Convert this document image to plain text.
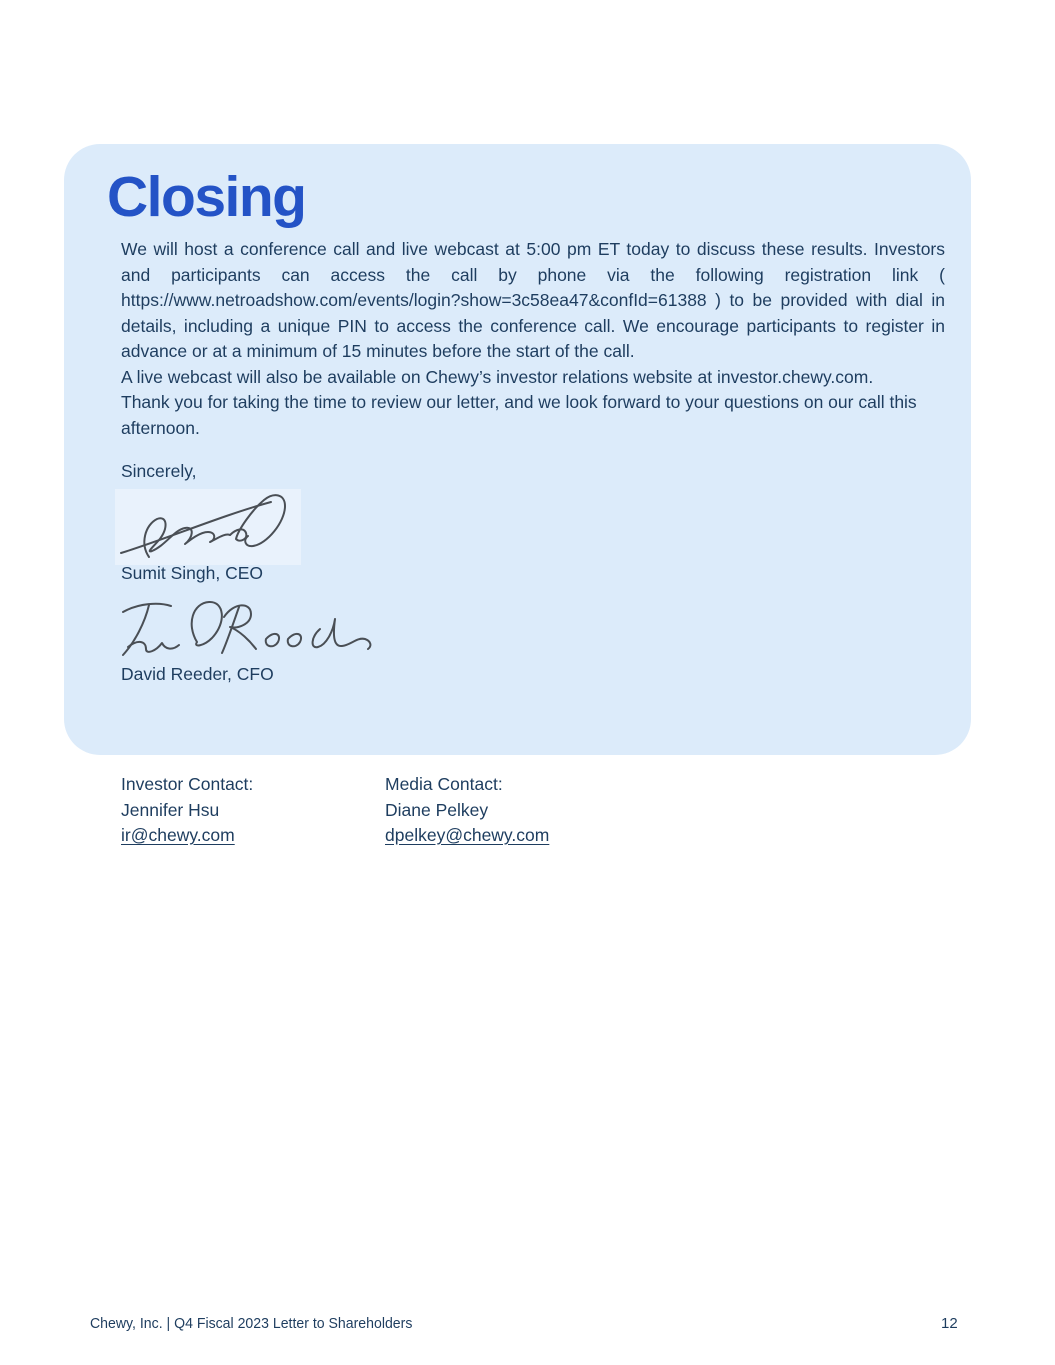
Closing

We will host a conference call and live webcast at 5:00 pm ET today to discuss these results. Investors and participants can access the call by phone via the following registration link ( https://www.netroadshow.com/events/login?show=3c58ea47&confId=61388 ) to be provided with dial in details, including a unique PIN to access the conference call. We encourage participants to register in advance or at a minimum of 15 minutes before the start of the call.

A live webcast will also be available on Chewy’s investor relations website at investor.chewy.com.

Thank you for taking the time to review our letter, and we look forward to your questions on our call this afternoon.

Sincerely,

Sumit Singh, CEO
David Reeder, CFO
Investor Contact:
Jennifer Hsu
ir@chewy.com
Media Contact:
Diane Pelkey
dpelkey@chewy.com
Chewy, Inc. | Q4 Fiscal 2023 Letter to Shareholders	12
